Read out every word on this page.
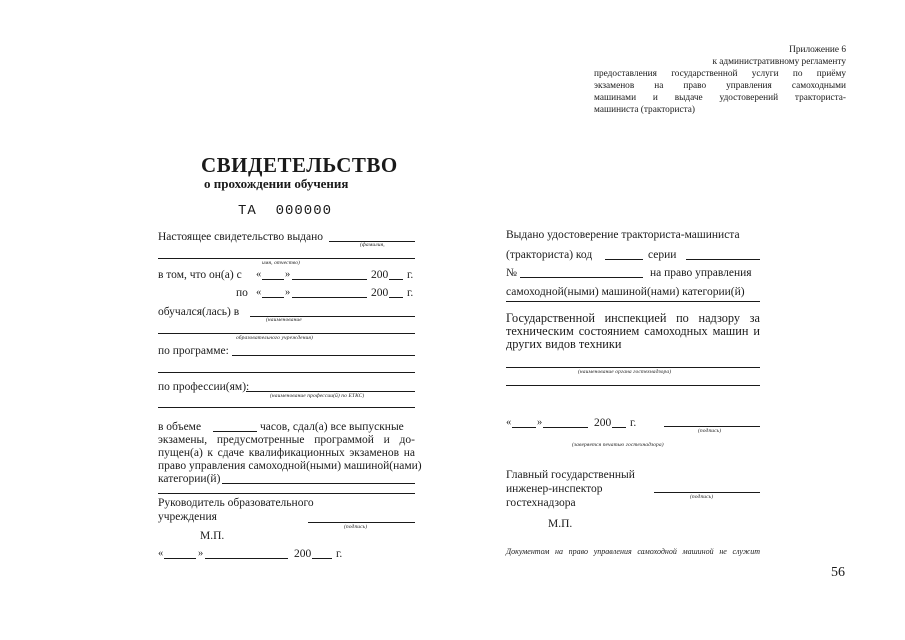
Приложение 6
к административному регламенту
предоставления государственной услуги по приёму
экзаменов на право управления самоходными
машинами и выдаче удостоверений тракториста-
машиниста (тракториста)
СВИДЕТЕЛЬСТВО
о прохождении обучения
ТА  000000
Настоящее свидетельство выдано
(фамилия,
имя, отчество)
в том, что он(а) с « »	200 г.
по « »	200 г.
обучался(лась) в
(наименование
образовательного учреждения)
по программе:
по профессии(ям):
(наименование профессии(й) по ЕТКС)
в объеме	часов, сдал(а) все выпускные
экзамены, предусмотренные программой и до-
пущен(а) к сдаче квалификационных экзаменов на
право управления самоходной(ными) машиной(нами)
категории(й)
Руководитель образовательного
учреждения
(подпись)
М.П.
«	»	200 г.
Выдано удостоверение тракториста-машиниста
(тракториста) код	серии
№	на право управления
самоходной(ными) машиной(нами) категории(й)
Государственной инспекцией по надзору за
техническим состоянием самоходных машин и
других видов техники
(наименование органа гостехнадзора)
« »	200 г.
(подпись)
(заверяется печатью гостехнадзора)
Главный государственный
инженер-инспектор
гостехнадзора	(подпись)
М.П.
Документом на право управления самоходной машиной не служит
56
